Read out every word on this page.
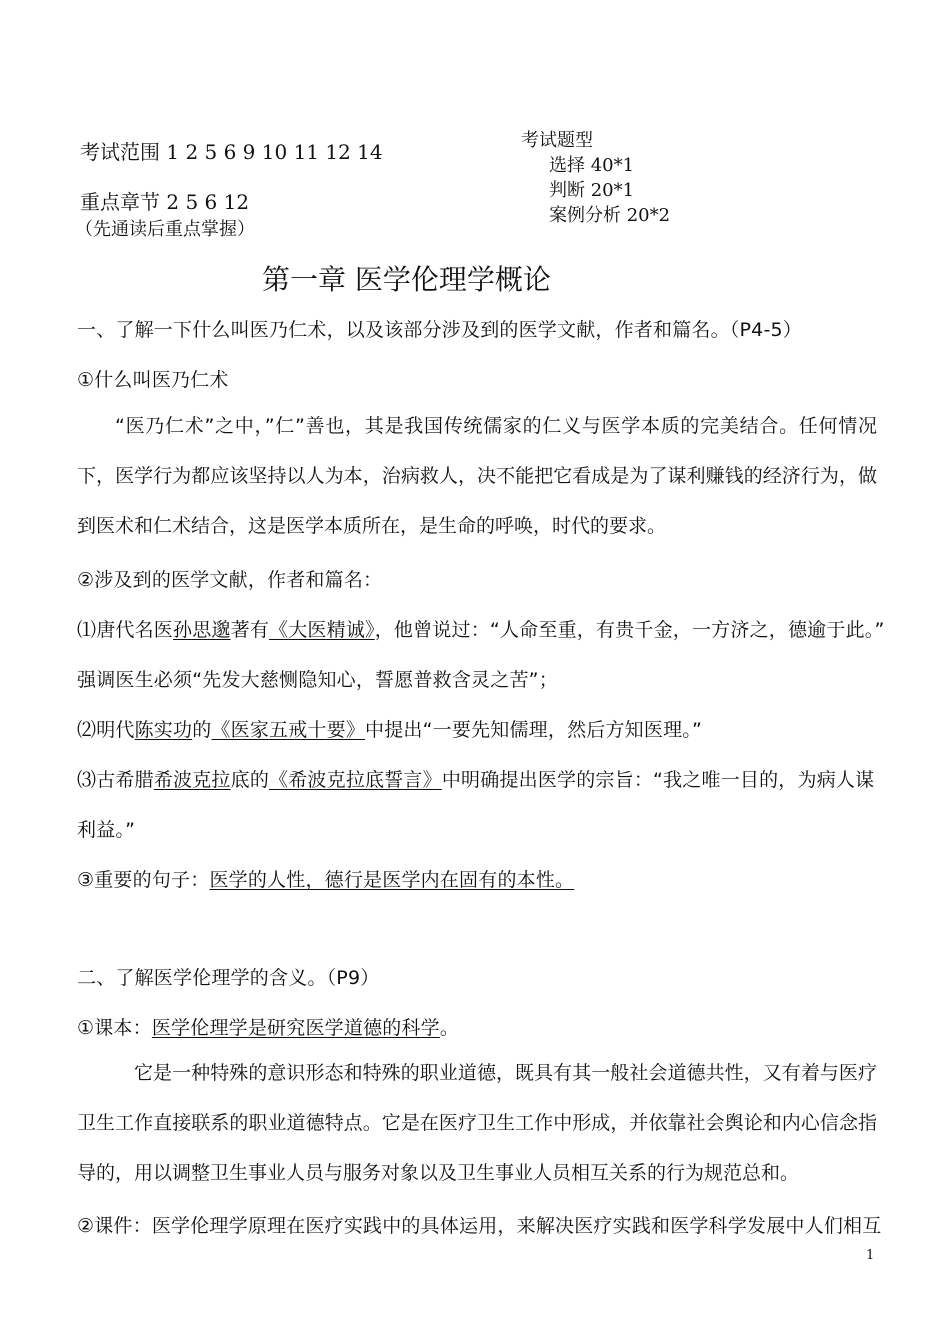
考试范围 1 2 5 6 9 10 11 12 14
重点章节 2 5 6 12
（先通读后重点掌握）
考试题型
选择 40*1
判断 20*1
案例分析 20*2
第一章 医学伦理学概论
一、了解一下什么叫医乃仁术，以及该部分涉及到的医学文献，作者和篇名。（P4-5）
①什么叫医乃仁术
“医乃仁术”之中，”仁”善也，其是我国传统儒家的仁义与医学本质的完美结合。任何情况下，医学行为都应该坚持以人为本，治病救人，决不能把它看成是为了谋利赚钱的经济行为，做到医术和仁术结合，这是医学本质所在，是生命的呼唤，时代的要求。
②涉及到的医学文献，作者和篇名：
⑴唐代名医孙思邈著有《大医精诚》，他曾说过：“人命至重，有贵千金，一方济之，德逾于此。”
强调医生必须“先发大慈恻隐知心，誓愿普救含灵之苦”；
⑵明代陈实功的《医家五戒十要》中提出“一要先知儒理，然后方知医理。”
⑶古希腊希波克拉底的《希波克拉底誓言》中明确提出医学的宗旨：“我之唯一目的，为病人谋
利益。”
③重要的句子：医学的人性，德行是医学内在固有的本性。
二、了解医学伦理学的含义。（P9）
①课本：医学伦理学是研究医学道德的科学。
它是一种特殊的意识形态和特殊的职业道德，既具有其一般社会道德共性，又有着与医疗卫生工作直接联系的职业道德特点。它是在医疗卫生工作中形成，并依靠社会舆论和内心信念指导的，用以调整卫生事业人员与服务对象以及卫生事业人员相互关系的行为规范总和。
②课件：医学伦理学原理在医疗实践中的具体运用，来解决医疗实践和医学科学发展中人们相互
1
